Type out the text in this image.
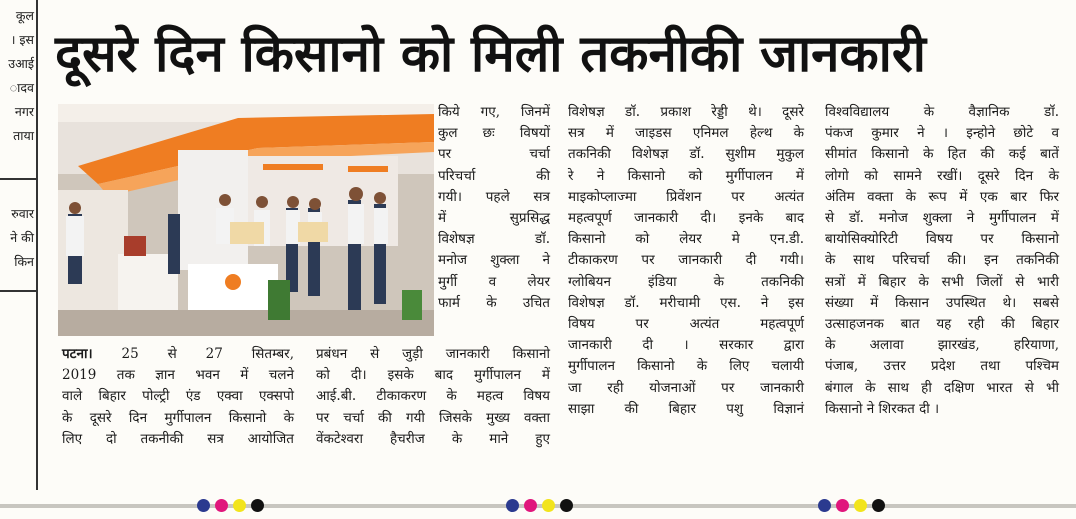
कूल
। इस
उआई
ादव
नगर
ताया
रुवार
ने की
किन
दूसरे दिन किसानो को मिली तकनीकी जानकारी
पटना। 25 से 27 सितम्बर,
2019 तक ज्ञान भवन में चलने
वाले बिहार पोल्ट्री एंड एक्वा एक्सपो
के दूसरे दिन मुर्गीपालन किसानो के
लिए दो तकनीकी सत्र आयोजित
किये गए, जिनमें
कुल छः विषयों
पर चर्चा
परिचर्चा की
गयी। पहले सत्र
में सुप्रसिद्ध
विशेषज्ञ डॉ.
मनोज शुक्ला ने
मुर्गी व लेयर
फार्म के उचित
प्रबंधन से जुड़ी जानकारी किसानो
को दी। इसके बाद मुर्गीपालन में
आई.बी. टीकाकरण के महत्व विषय
पर चर्चा की गयी जिसके मुख्य वक्ता
वेंकटेश्वरा हैचरीज के माने हुए
विशेषज्ञ डॉ. प्रकाश रेड्डी थे। दूसरे
सत्र में जाइडस एनिमल हेल्थ के
तकनिकी विशेषज्ञ डॉ. सुशीम मुकुल
रे ने किसानो को मुर्गीपालन में
माइकोप्लाज्मा प्रिवेंशन पर अत्यंत
महत्वपूर्ण जानकारी दी। इनके बाद
किसानो को लेयर मे एन.डी.
टीकाकरण पर जानकारी दी गयी।
ग्लोबियन इंडिया के तकनिकी
विशेषज्ञ डॉ. मरीचामी एस. ने इस
विषय पर अत्यंत महत्वपूर्ण
जानकारी दी । सरकार द्वारा
मुर्गीपालन किसानो के लिए चलायी
जा रही योजनाओं पर जानकारी
साझा की बिहार पशु विज्ञानं
विश्वविद्यालय के वैज्ञानिक डॉ.
पंकज कुमार ने । इन्होने छोटे व
सीमांत किसानो के हित की कई बातें
लोगो को सामने रखीं। दूसरे दिन के
अंतिम वक्ता के रूप में एक बार फिर
से डॉ. मनोज शुक्ला ने मुर्गीपालन में
बायोसिक्योरिटी विषय पर किसानो
के साथ परिचर्चा की। इन तकनिकी
सत्रों में बिहार के सभी जिलों से भारी
संख्या में किसान उपस्थित थे। सबसे
उत्साहजनक बात यह रही की बिहार
के अलावा झारखंड, हरियाणा,
पंजाब, उत्तर प्रदेश तथा पश्चिम
बंगाल के साथ ही दक्षिण भारत से भी
किसानो ने शिरकत दी ।
